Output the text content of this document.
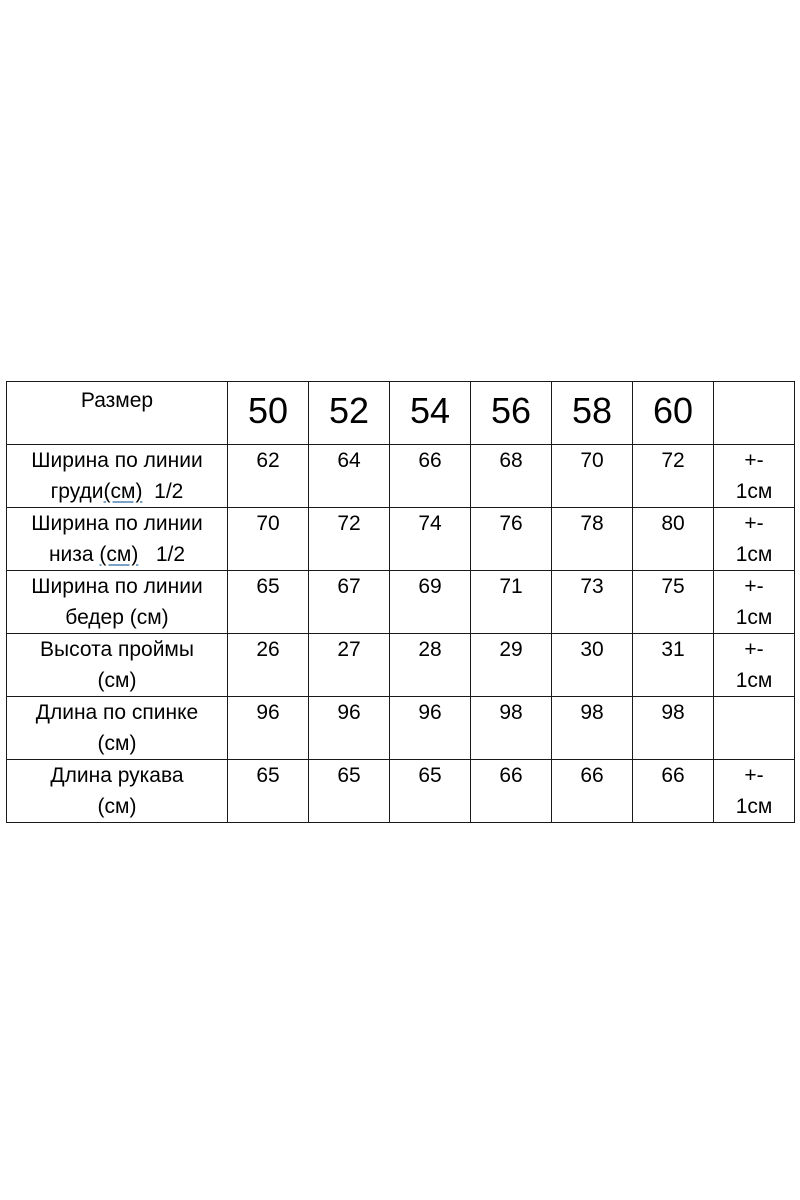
Размер	50	52	54	56	58	60	

Ширина по линии
груди(см)  1/2	62	64	66	68	70	72	+-
1см

Ширина по линии
низа (см)   1/2	70	72	74	76	78	80	+-
1см

Ширина по линии
бедер (см)	65	67	69	71	73	75	+-
1см

Высота проймы
(см)	26	27	28	29	30	31	+-
1см

Длина по спинке
(см)	96	96	96	98	98	98	

Длина рукава
(см)	65	65	65	66	66	66	+-
1см
